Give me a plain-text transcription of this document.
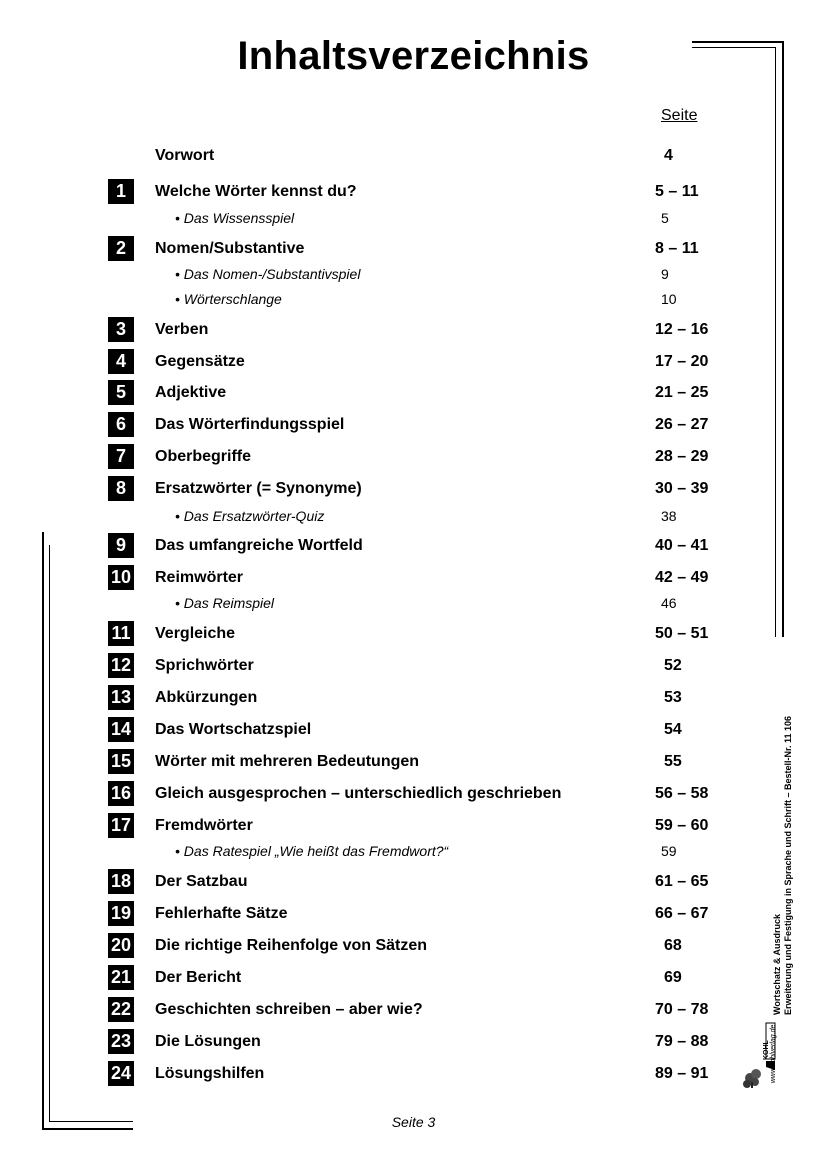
Inhaltsverzeichnis
Seite
Vorwort	4
1	Welche Wörter kennst du?	5 – 11
• Das Wissensspiel	5
2	Nomen/Substantive	8 – 11
• Das Nomen-/Substantivspiel	9
• Wörterschlange	10
3	Verben	12 – 16
4	Gegensätze	17 – 20
5	Adjektive	21 – 25
6	Das Wörterfindungsspiel	26 – 27
7	Oberbegriffe	28 – 29
8	Ersatzwörter (= Synonyme)	30 – 39
• Das Ersatzwörter-Quiz	38
9	Das umfangreiche Wortfeld	40 – 41
10 Reimwörter	42 – 49
• Das Reimspiel	46
11 Vergleiche	50 – 51
12 Sprichwörter	52
13 Abkürzungen	53
14 Das Wortschatzspiel	54
15 Wörter mit mehreren Bedeutungen	55
16 Gleich ausgesprochen – unterschiedlich geschrieben	56 – 58
17 Fremdwörter	59 – 60
• Das Ratespiel „Wie heißt das Fremdwort?“	59
18 Der Satzbau	61 – 65
19 Fehlerhafte Sätze	66 – 67
20 Die richtige Reihenfolge von Sätzen	68
21 Der Bericht	69
22 Geschichten schreiben – aber wie?	70 – 78
23 Die Lösungen	79 – 88
24 Lösungshilfen	89 – 91
Wortschatz & Ausdruck Erweiterung und Festigung in Sprache und Schrift – Bestell-Nr. 11 106
www.kohlverlag.de
KOHL
Seite 3
